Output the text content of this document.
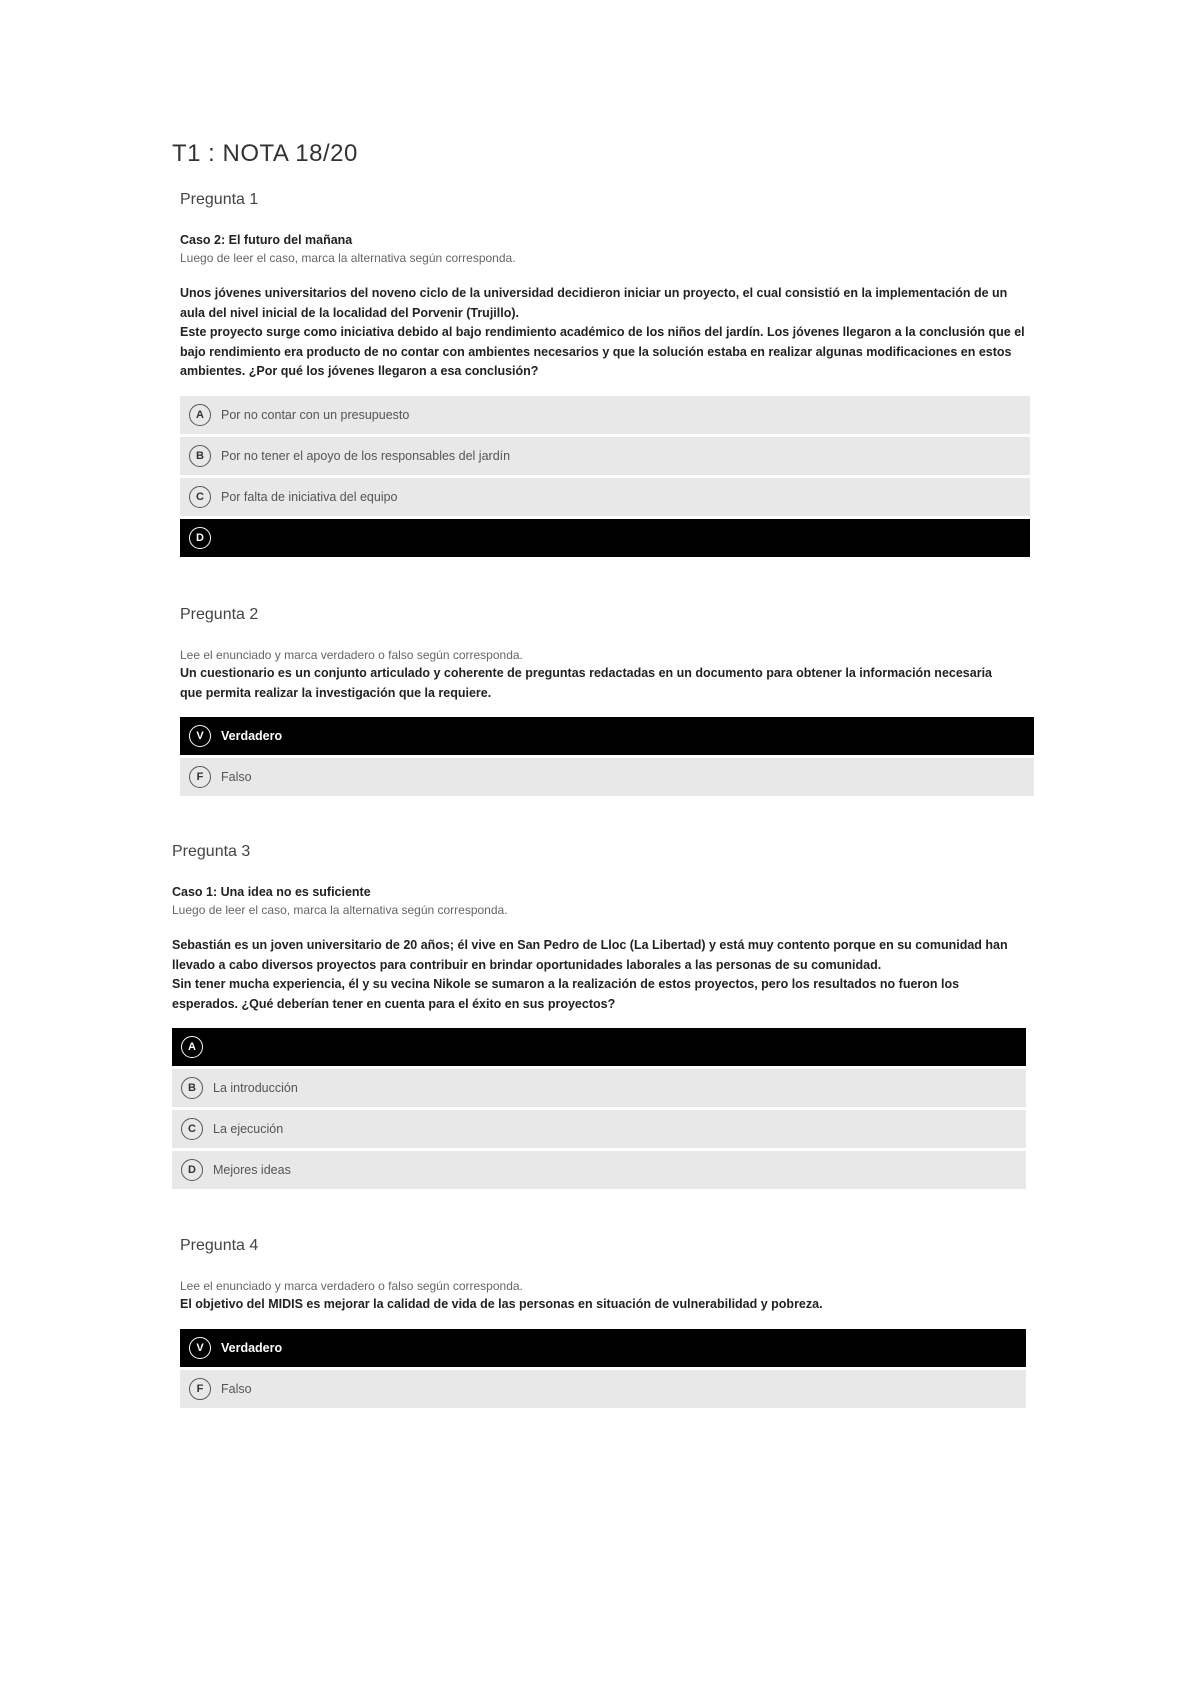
T1 : NOTA 18/20
Pregunta 1
Caso 2: El futuro del mañana
Luego de leer el caso, marca la alternativa según corresponda.
Unos jóvenes universitarios del noveno ciclo de la universidad decidieron iniciar un proyecto, el cual consistió en la implementación de un
aula del nivel inicial de la localidad del Porvenir (Trujillo).
Este proyecto surge como iniciativa debido al bajo rendimiento académico de los niños del jardín. Los jóvenes llegaron a la conclusión que el
bajo rendimiento era producto de no contar con ambientes necesarios y que la solución estaba en realizar algunas modificaciones en estos
ambientes. ¿Por qué los jóvenes llegaron a esa conclusión?
A	Por no contar con un presupuesto
B	Por no tener el apoyo de los responsables del jardín
C	Por falta de iniciativa del equipo
D
Pregunta 2
Lee el enunciado y marca verdadero o falso según corresponda.
Un cuestionario es un conjunto articulado y coherente de preguntas redactadas en un documento para obtener la información necesaria
que permita realizar la investigación que la requiere.
V	Verdadero
F	Falso
Pregunta 3
Caso 1: Una idea no es suficiente
Luego de leer el caso, marca la alternativa según corresponda.
Sebastián es un joven universitario de 20 años; él vive en San Pedro de Lloc (La Libertad) y está muy contento porque en su comunidad han
llevado a cabo diversos proyectos para contribuir en brindar oportunidades laborales a las personas de su comunidad.
Sin tener mucha experiencia, él y su vecina Nikole se sumaron a la realización de estos proyectos, pero los resultados no fueron los
esperados. ¿Qué deberían tener en cuenta para el éxito en sus proyectos?
A
B	La introducción
C	La ejecución
D	Mejores ideas
Pregunta 4
Lee el enunciado y marca verdadero o falso según corresponda.
El objetivo del MIDIS es mejorar la calidad de vida de las personas en situación de vulnerabilidad y pobreza.
V	Verdadero
F	Falso
